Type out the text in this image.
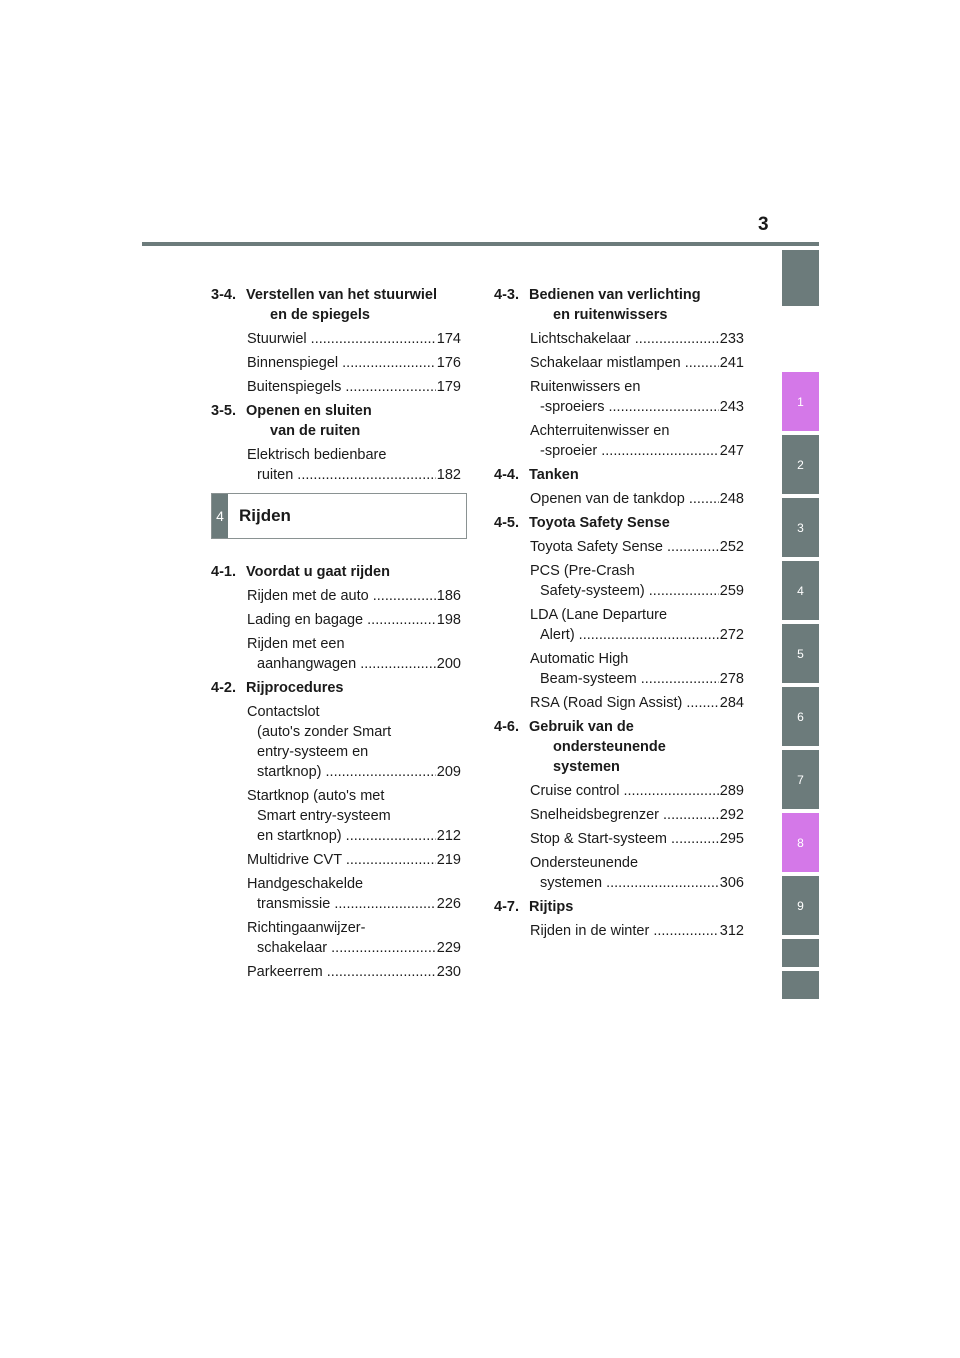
3
3-4. Verstellen van het stuurwiel
en de spiegels
Stuurwiel .....	174
Binnenspiegel .....	176
Buitenspiegels .....	179
3-5. Openen en sluiten
van de ruiten
Elektrisch bedienbare
ruiten .....	182
4 Rijden
4-1. Voordat u gaat rijden
Rijden met de auto .....	186
Lading en bagage .....	198
Rijden met een
aanhangwagen .....	200
4-2. Rijprocedures
Contactslot
(auto's zonder Smart
entry-systeem en
startknop) .....	209
Startknop (auto's met
Smart entry-systeem
en startknop) .....	212
Multidrive CVT .....	219
Handgeschakelde
transmissie .....	226
Richtingaanwijzer-
schakelaar .....	229
Parkeerrem .....	230
4-3. Bedienen van verlichting
en ruitenwissers
Lichtschakelaar .....	233
Schakelaar mistlampen .....	241
Ruitenwissers en
-sproeiers .....	243
Achterruitenwisser en
-sproeier .....	247
4-4. Tanken
Openen van de tankdop .....	248
4-5. Toyota Safety Sense
Toyota Safety Sense .....	252
PCS (Pre-Crash
Safety-systeem) .....	259
LDA (Lane Departure
Alert) .....	272
Automatic High
Beam-systeem .....	278
RSA (Road Sign Assist) .....	284
4-6. Gebruik van de
ondersteunende
systemen
Cruise control .....	289
Snelheidsbegrenzer .....	292
Stop & Start-systeem .....	295
Ondersteunende
systemen .....	306
4-7. Rijtips
Rijden in de winter .....	312
1
2
3
4
5
6
7
8
9
